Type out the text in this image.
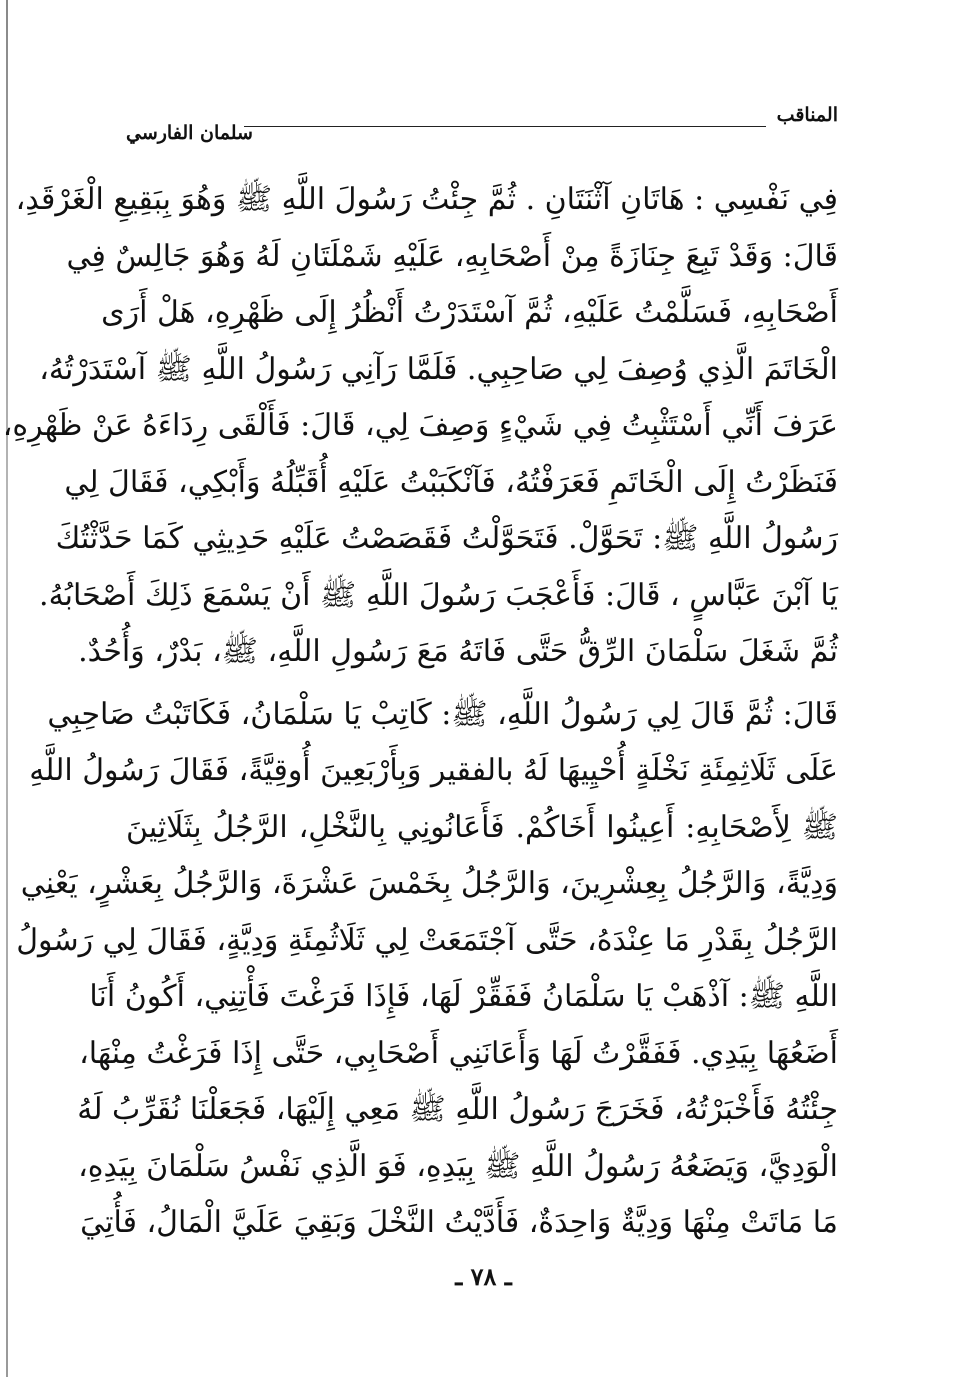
المناقب
سلمان الفارسي
فِي نَفْسِي : هَاتَانِ آثْنَتَانِ . ثُمَّ جِئْتُ رَسُولَ اللَّهِ ﷺ وَهُوَ بِبَقِيعِ الْغَرْقَدِ،
قَالَ: وَقَدْ تَبِعَ جِنَازَةً مِنْ أَصْحَابِهِ، عَلَيْهِ شَمْلَتَانِ لَهُ وَهُوَ جَالِسٌ فِي
أَصْحَابِهِ، فَسَلَّمْتُ عَلَيْهِ، ثُمَّ آسْتَدَرْتُ أَنْظُرُ إِلَى ظَهْرِهِ، هَلْ أَرَى
الْخَاتَمَ الَّذِي وُصِفَ لِي صَاحِبِي. فَلَمَّا رَآنِي رَسُولُ اللَّهِ ﷺ آسْتَدَرْتُهُ،
عَرَفَ أَنِّي أَسْتَثْبِتُ فِي شَيْءٍ وَصِفَ لِي، قَالَ: فَأَلْقَى رِدَاءَهُ عَنْ ظَهْرِهِ،
فَنَظَرْتُ إِلَى الْخَاتَمِ فَعَرَفْتُهُ، فَآنْكَبَبْتُ عَلَيْهِ أُقَبِّلُهُ وَأَبْكِي، فَقَالَ لِي
رَسُولُ اللَّهِ ﷺ: تَحَوَّلْ. فَتَحَوَّلْتُ فَقَصَصْتُ عَلَيْهِ حَدِيثِي كَمَا حَدَّثْتُكَ
يَا آبْنَ عَبَّاسٍ ، قَالَ: فَأَعْجَبَ رَسُولَ اللَّهِ ﷺ أَنْ يَسْمَعَ ذَلِكَ أَصْحَابُهُ.
ثُمَّ شَغَلَ سَلْمَانَ الرِّقُّ حَتَّى فَاتَهُ مَعَ رَسُولِ اللَّهِ، ﷺ، بَدْرٌ، وَأُحُدٌ.
قَالَ: ثُمَّ قَالَ لِي رَسُولُ اللَّهِ، ﷺ: كَاتِبْ يَا سَلْمَانُ، فَكَاتَبْتُ صَاحِبِي
عَلَى ثَلَاثِمِئَةِ نَخْلَةٍ أُحْيِيهَا لَهُ بالفقير وَبِأَرْبَعِينَ أُوقِيَّةً، فَقَالَ رَسُولُ اللَّهِ
ﷺ لِأَصْحَابِهِ: أَعِينُوا أَخَاكُمْ. فَأَعَانُونِي بِالنَّخْلِ، الرَّجُلُ بِثَلَاثِينَ
وَدِيَّةً، وَالرَّجُلُ بِعِشْرِينَ، وَالرَّجُلُ بِخَمْسَ عَشْرَةَ، وَالرَّجُلُ بِعَشْرٍ، يَعْنِي
الرَّجُلُ بِقَدْرِ مَا عِنْدَهُ، حَتَّى آجْتَمَعَتْ لِي ثَلَاثُمِئَةِ وَدِيَّةٍ، فَقَالَ لِي رَسُولُ
اللَّهِ ﷺ: آذْهَبْ يَا سَلْمَانُ فَفَقِّرْ لَهَا، فَإِذَا فَرَغْتَ فَأْتِنِي، أَكُونُ أَنَا
أَضَعُهَا بِيَدِي. فَفَقَّرْتُ لَهَا وَأَعَانَنِي أَصْحَابِي، حَتَّى إِذَا فَرَغْتُ مِنْهَا،
جِئْتُهُ فَأَخْبَرْتُهُ، فَخَرَجَ رَسُولُ اللَّهِ ﷺ مَعِي إِلَيْهَا، فَجَعَلْنَا نُقَرِّبُ لَهُ
الْوَدِيَّ، وَيَضَعُهُ رَسُولُ اللَّهِ ﷺ بِيَدِهِ، فَوَ الَّذِي نَفْسُ سَلْمَانَ بِيَدِهِ،
مَا مَاتَتْ مِنْهَا وَدِيَّةٌ وَاحِدَةٌ، فَأَدَّيْتُ النَّخْلَ وَبَقِيَ عَلَيَّ الْمَالُ، فَأُتِيَ
ـ ٧٨ ـ
